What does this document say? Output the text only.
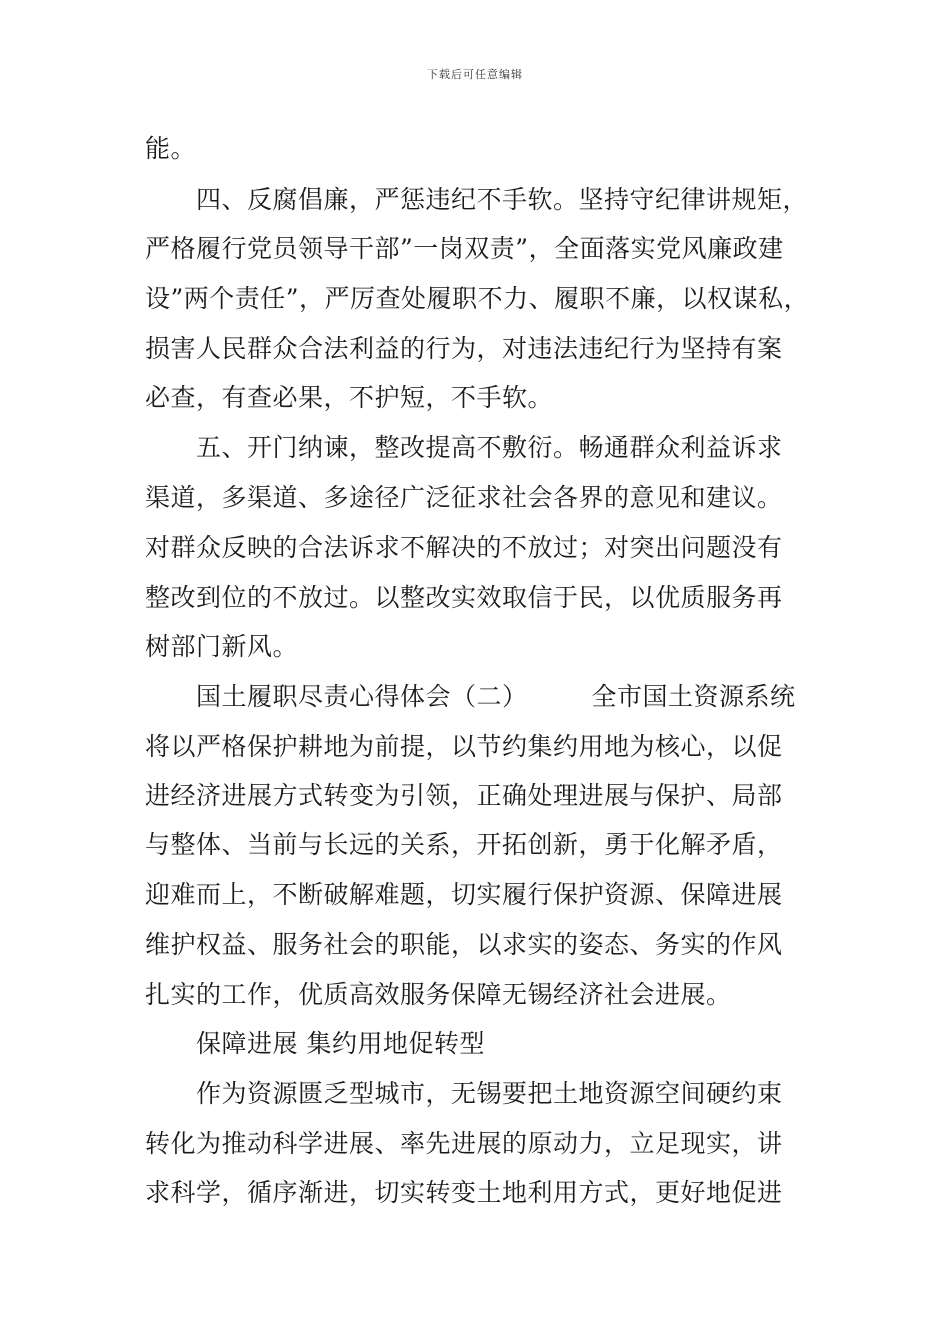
下载后可任意编辑
能。
　　四、反腐倡廉，严惩违纪不手软。坚持守纪律讲规矩，
严格履行党员领导干部”一岗双责”，全面落实党风廉政建
设”两个责任”，严厉查处履职不力、履职不廉，以权谋私，
损害人民群众合法利益的行为，对违法违纪行为坚持有案
必查，有查必果，不护短，不手软。
　　五、开门纳谏，整改提高不敷衍。畅通群众利益诉求
渠道，多渠道、多途径广泛征求社会各界的意见和建议。
对群众反映的合法诉求不解决的不放过；对突出问题没有
整改到位的不放过。以整改实效取信于民，以优质服务再
树部门新风。
　　国土履职尽责心得体会（二）　　　全市国土资源系统
将以严格保护耕地为前提，以节约集约用地为核心，以促
进经济进展方式转变为引领，正确处理进展与保护、局部
与整体、当前与长远的关系，开拓创新，勇于化解矛盾，
迎难而上，不断破解难题，切实履行保护资源、保障进展
维护权益、服务社会的职能，以求实的姿态、务实的作风
扎实的工作，优质高效服务保障无锡经济社会进展。
　　保障进展 集约用地促转型
　　作为资源匮乏型城市，无锡要把土地资源空间硬约束
转化为推动科学进展、率先进展的原动力，立足现实，讲
求科学，循序渐进，切实转变土地利用方式，更好地促进
